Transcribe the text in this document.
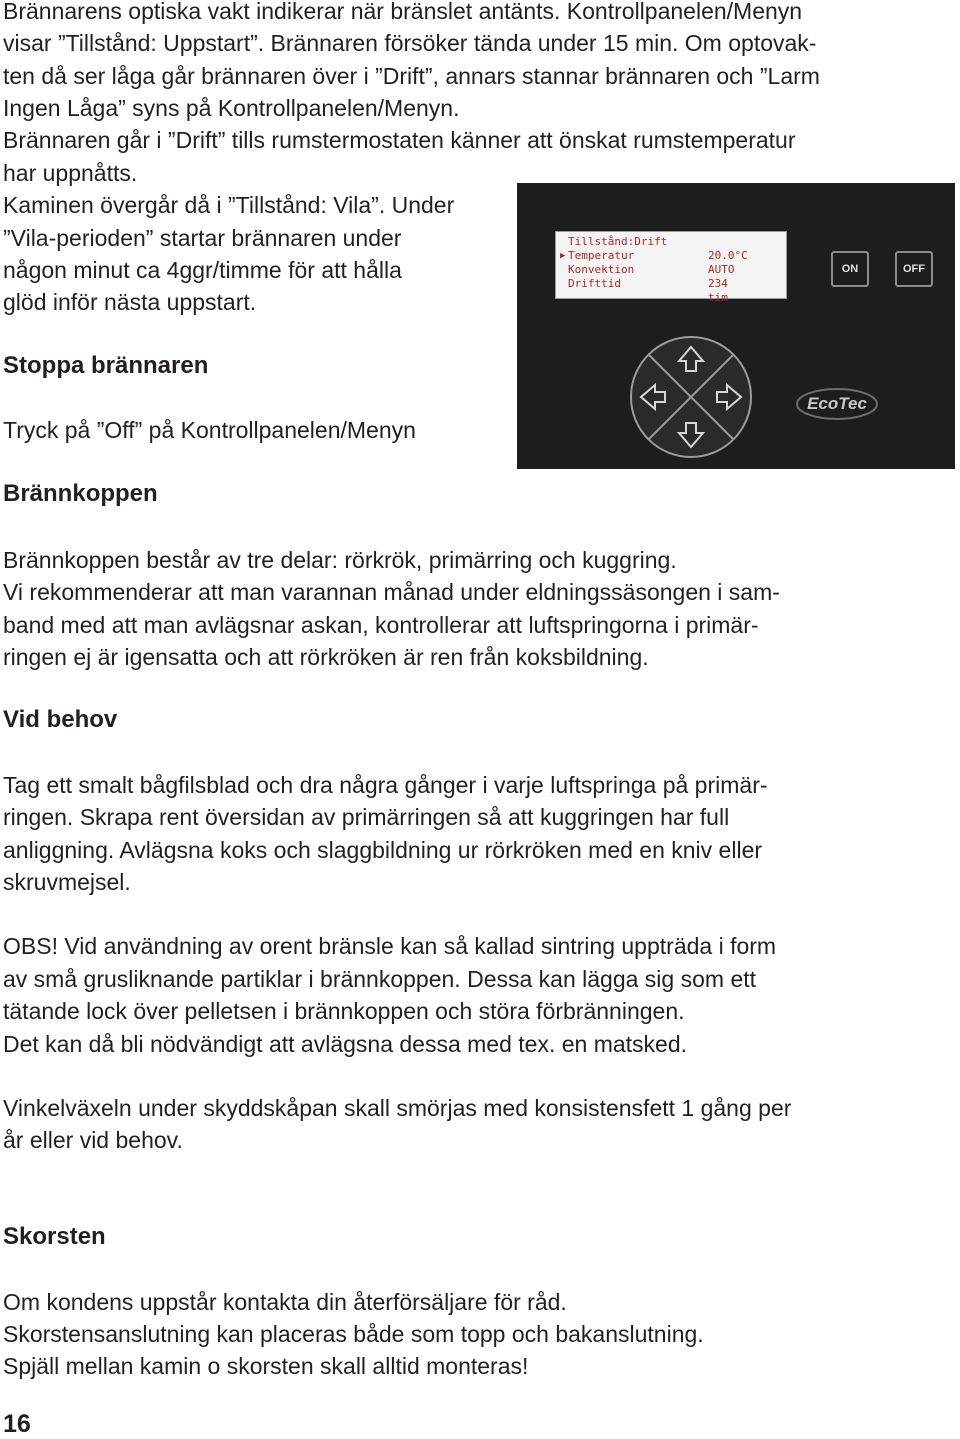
Brännarens optiska vakt indikerar när bränslet antänts. Kontrollpanelen/Menyn
visar ”Tillstånd: Uppstart”. Brännaren försöker tända under 15 min. Om optovak-
ten då ser låga går brännaren över i ”Drift”, annars stannar brännaren och ”Larm
Ingen Låga” syns på Kontrollpanelen/Menyn.
Brännaren går i ”Drift” tills rumstermostaten känner att önskat rumstemperatur
har uppnåtts.
Kaminen övergår då i ”Tillstånd: Vila”. Under
”Vila-perioden” startar brännaren under
någon minut ca 4ggr/timme för att hålla
glöd inför nästa uppstart.
Tillstånd:Drift
▶ Temperatur	20.0°C
Konvektion	AUTO
Drifttid	234 tim
ON	OFF
EcoTec
Stoppa brännaren
Tryck på ”Off” på Kontrollpanelen/Menyn
Brännkoppen
Brännkoppen består av tre delar: rörkrök, primärring och kuggring.
Vi rekommenderar att man varannan månad under eldningssäsongen i sam-
band med att man avlägsnar askan, kontrollerar att luftspringorna i primär-
ringen ej är igensatta och att rörkröken är ren från koksbildning.
Vid behov
Tag ett smalt bågfilsblad och dra några gånger i varje luftspringa på primär-
ringen. Skrapa rent översidan av primärringen så att kuggringen har full
anliggning. Avlägsna koks och slaggbildning ur rörkröken med en kniv eller
skruvmejsel.
OBS! Vid användning av orent bränsle kan så kallad sintring uppträda i form
av små grusliknande partiklar i brännkoppen. Dessa kan lägga sig som ett
tätande lock över pelletsen i brännkoppen och störa förbränningen.
Det kan då bli nödvändigt att avlägsna dessa med tex. en matsked.
Vinkelväxeln under skyddskåpan skall smörjas med konsistensfett 1 gång per
år eller vid behov.
Skorsten
Om kondens uppstår kontakta din återförsäljare för råd.
Skorstensanslutning kan placeras både som topp och bakanslutning.
Spjäll mellan kamin o skorsten skall alltid monteras!
16
